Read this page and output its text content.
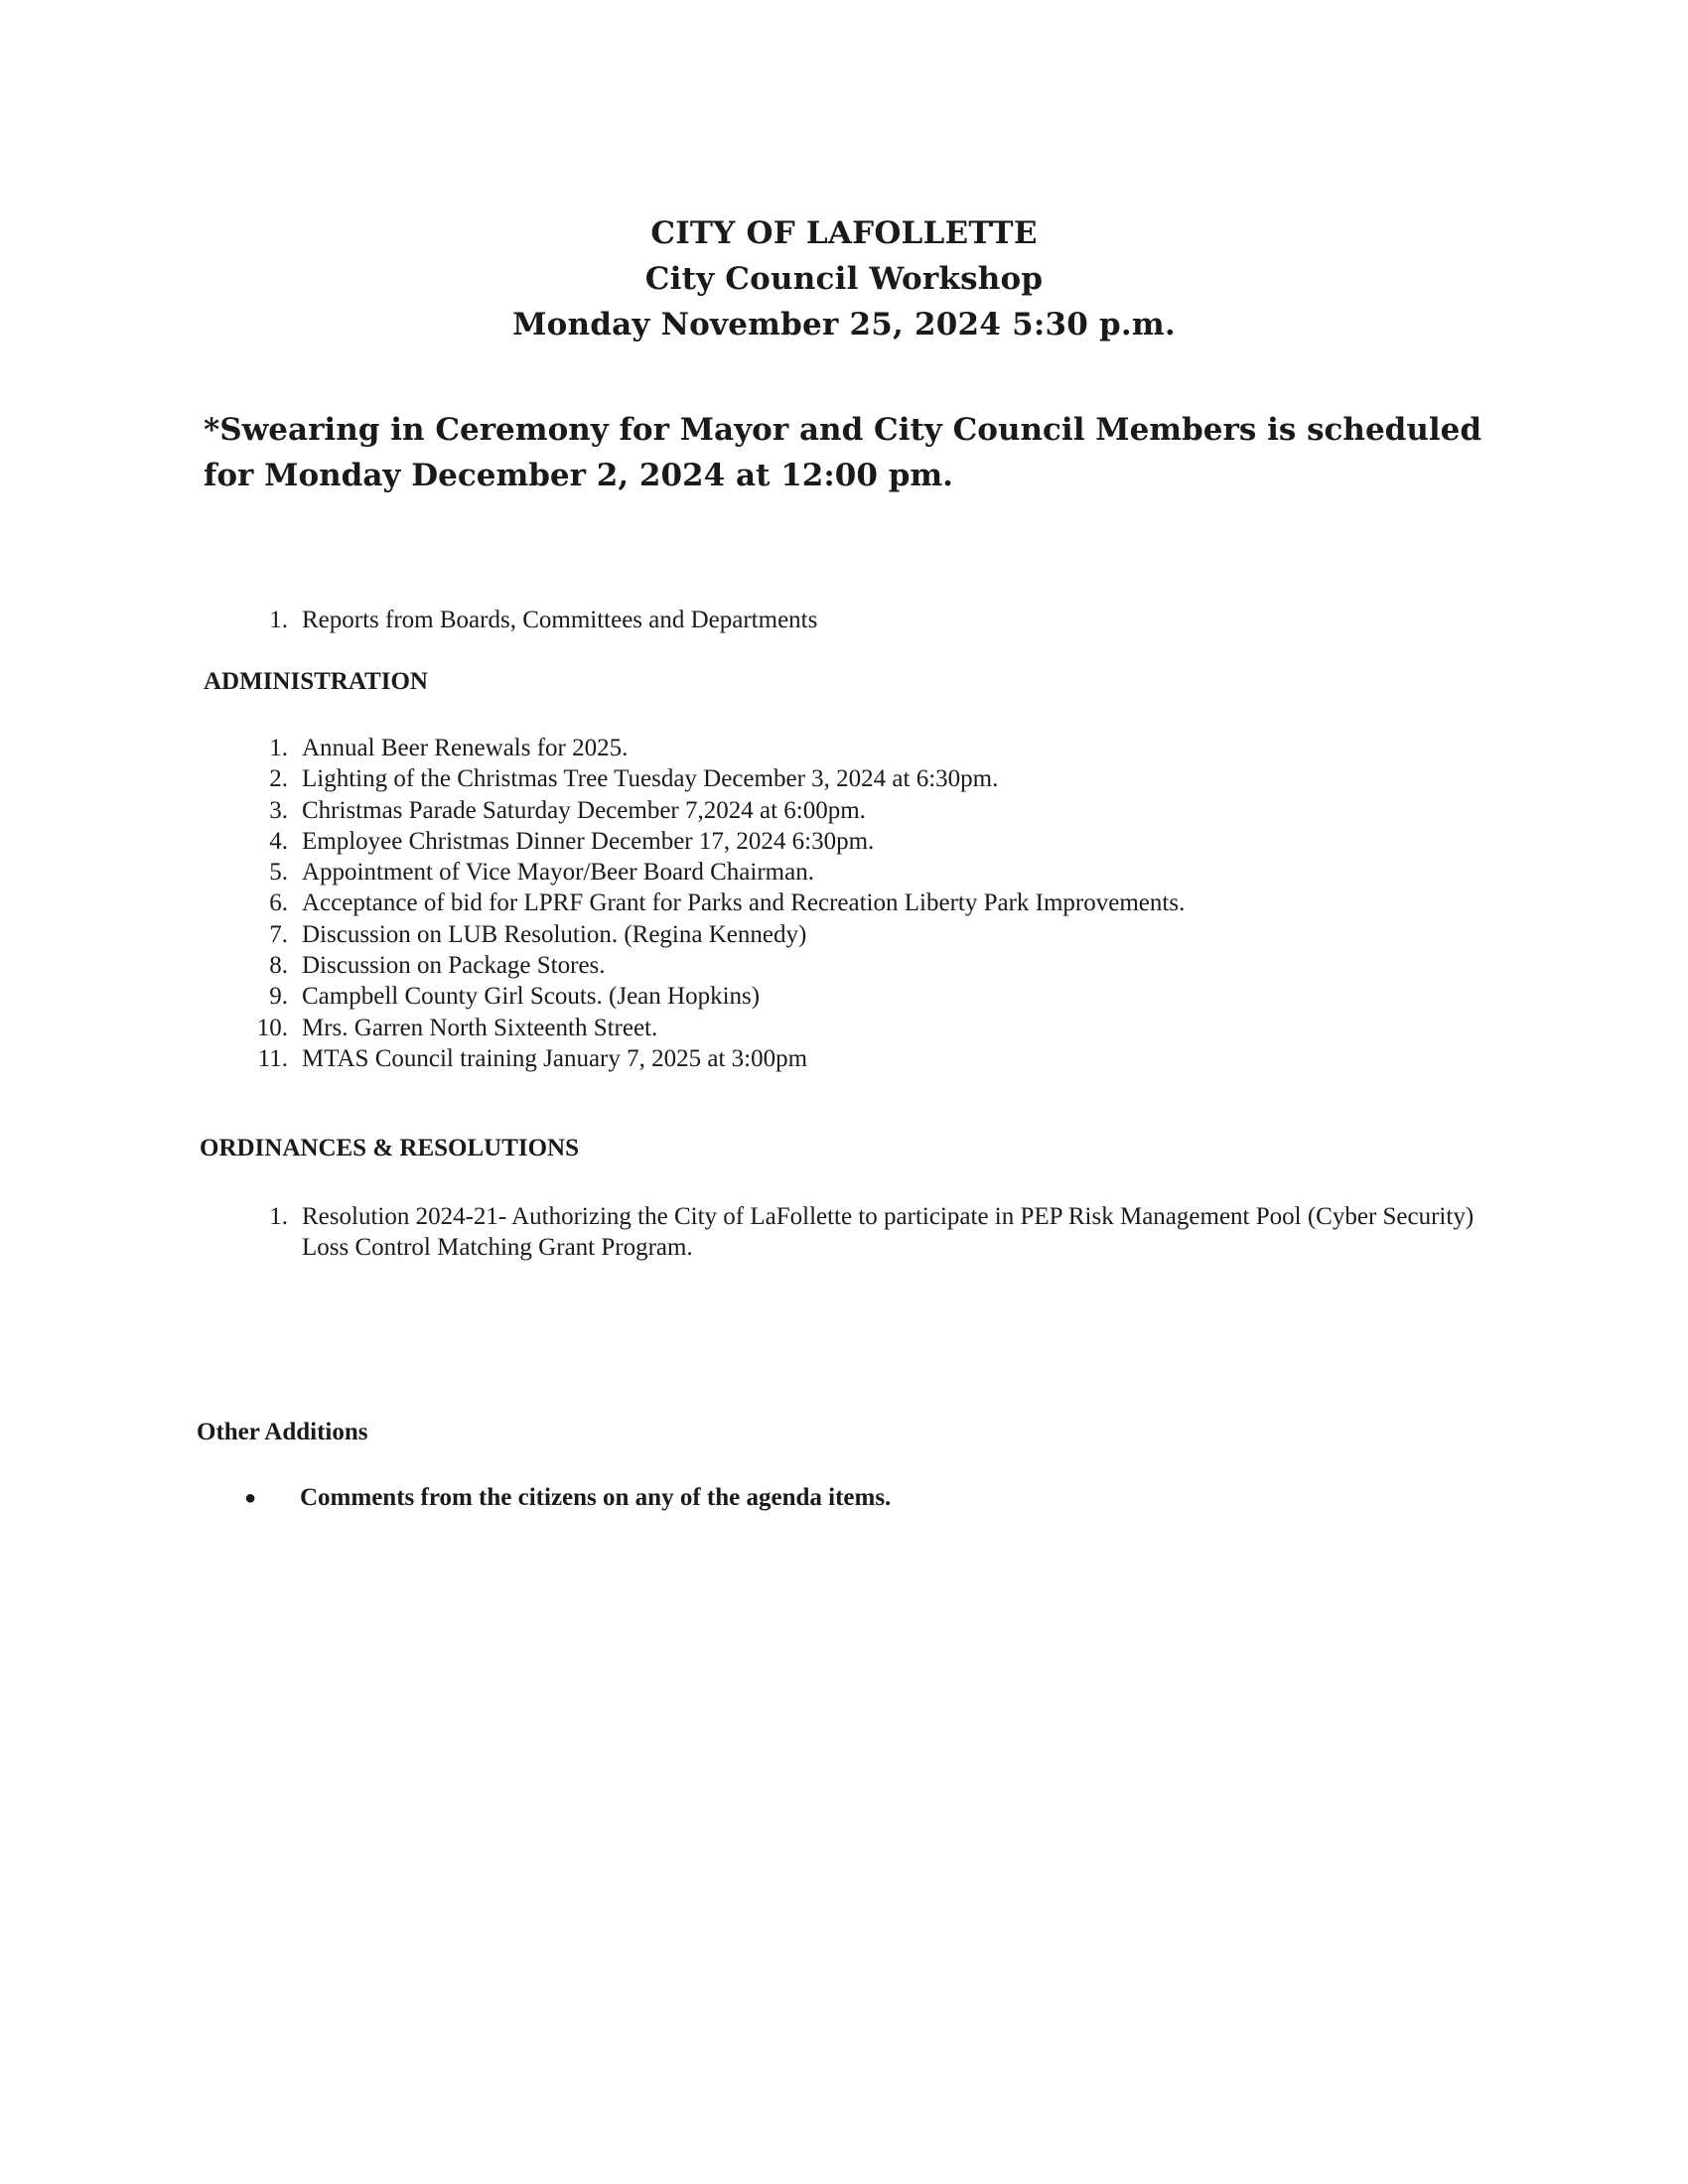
CITY OF LAFOLLETTE
City Council Workshop
Monday November 25, 2024 5:30 p.m.
*Swearing in Ceremony for Mayor and City Council Members is scheduled for Monday December 2, 2024 at 12:00 pm.
1. Reports from Boards, Committees and Departments
ADMINISTRATION
1. Annual Beer Renewals for 2025.
2. Lighting of the Christmas Tree Tuesday December 3, 2024 at 6:30pm.
3. Christmas Parade Saturday December 7,2024 at 6:00pm.
4. Employee Christmas Dinner December 17, 2024 6:30pm.
5. Appointment of Vice Mayor/Beer Board Chairman.
6. Acceptance of bid for LPRF Grant for Parks and Recreation Liberty Park Improvements.
7. Discussion on LUB Resolution. (Regina Kennedy)
8. Discussion on Package Stores.
9. Campbell County Girl Scouts. (Jean Hopkins)
10. Mrs. Garren North Sixteenth Street.
11. MTAS Council training January 7, 2025 at 3:00pm
ORDINANCES & RESOLUTIONS
1. Resolution 2024-21- Authorizing the City of LaFollette to participate in PEP Risk Management Pool (Cyber Security) Loss Control Matching Grant Program.
Other Additions
●	Comments from the citizens on any of the agenda items.
